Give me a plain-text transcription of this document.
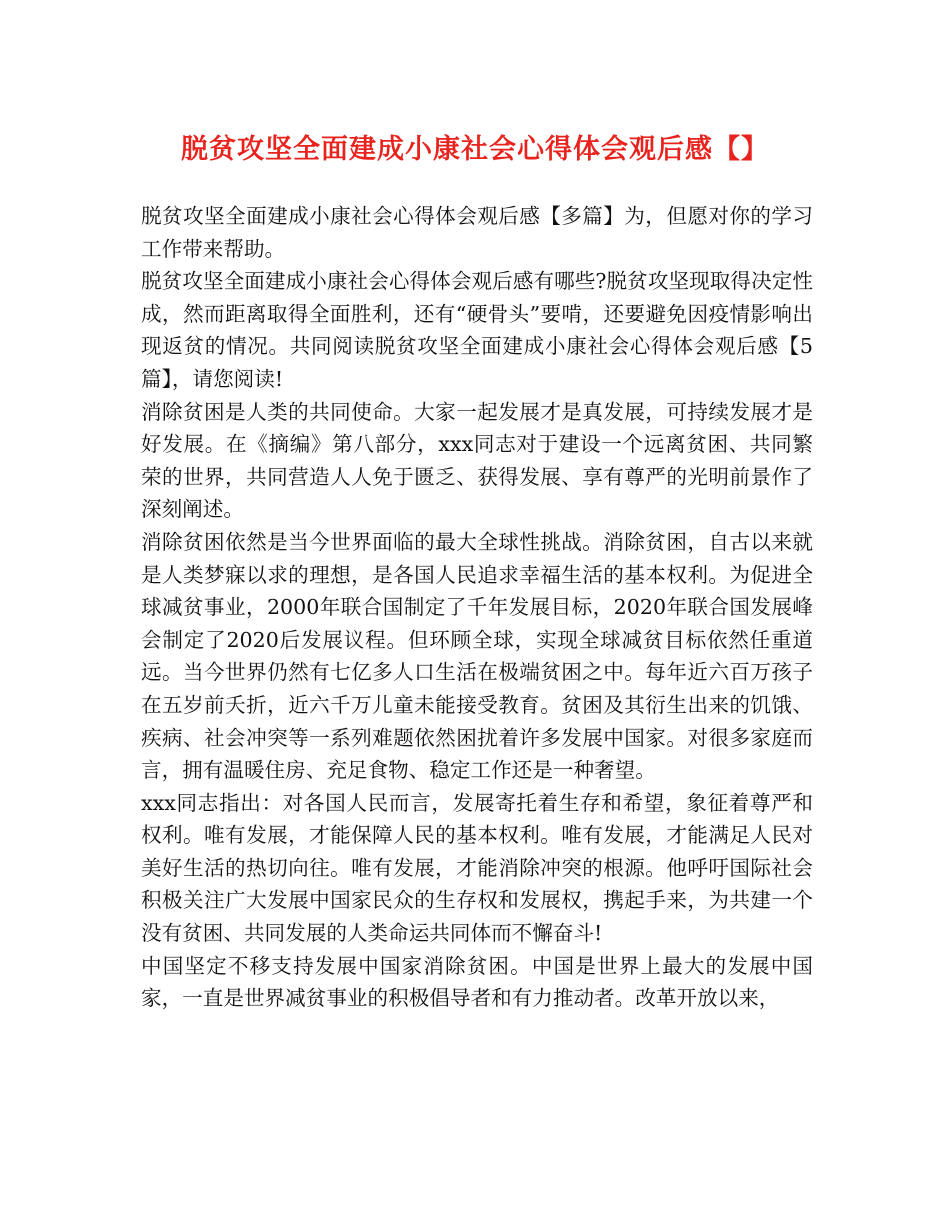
脱贫攻坚全面建成小康社会心得体会观后感【】

脱贫攻坚全面建成小康社会心得体会观后感【多篇】为，但愿对你的学习工作带来帮助。

脱贫攻坚全面建成小康社会心得体会观后感有哪些?脱贫攻坚现取得决定性成，然而距离取得全面胜利，还有“硬骨头”要啃，还要避免因疫情影响出现返贫的情况。共同阅读脱贫攻坚全面建成小康社会心得体会观后感【5篇】，请您阅读!

消除贫困是人类的共同使命。大家一起发展才是真发展，可持续发展才是好发展。在《摘编》第八部分，xxx同志对于建设一个远离贫困、共同繁荣的世界，共同营造人人免于匮乏、获得发展、享有尊严的光明前景作了深刻阐述。

消除贫困依然是当今世界面临的最大全球性挑战。消除贫困，自古以来就是人类梦寐以求的理想，是各国人民追求幸福生活的基本权利。为促进全球减贫事业，2000年联合国制定了千年发展目标，2020年联合国发展峰会制定了2020后发展议程。但环顾全球，实现全球减贫目标依然任重道远。当今世界仍然有七亿多人口生活在极端贫困之中。每年近六百万孩子在五岁前夭折，近六千万儿童未能接受教育。贫困及其衍生出来的饥饿、疾病、社会冲突等一系列难题依然困扰着许多发展中国家。对很多家庭而言，拥有温暖住房、充足食物、稳定工作还是一种奢望。

xxx同志指出：对各国人民而言，发展寄托着生存和希望，象征着尊严和权利。唯有发展，才能保障人民的基本权利。唯有发展，才能满足人民对美好生活的热切向往。唯有发展，才能消除冲突的根源。他呼吁国际社会积极关注广大发展中国家民众的生存权和发展权，携起手来，为共建一个没有贫困、共同发展的人类命运共同体而不懈奋斗!

中国坚定不移支持发展中国家消除贫困。中国是世界上最大的发展中国家，一直是世界减贫事业的积极倡导者和有力推动者。改革开放以来，
